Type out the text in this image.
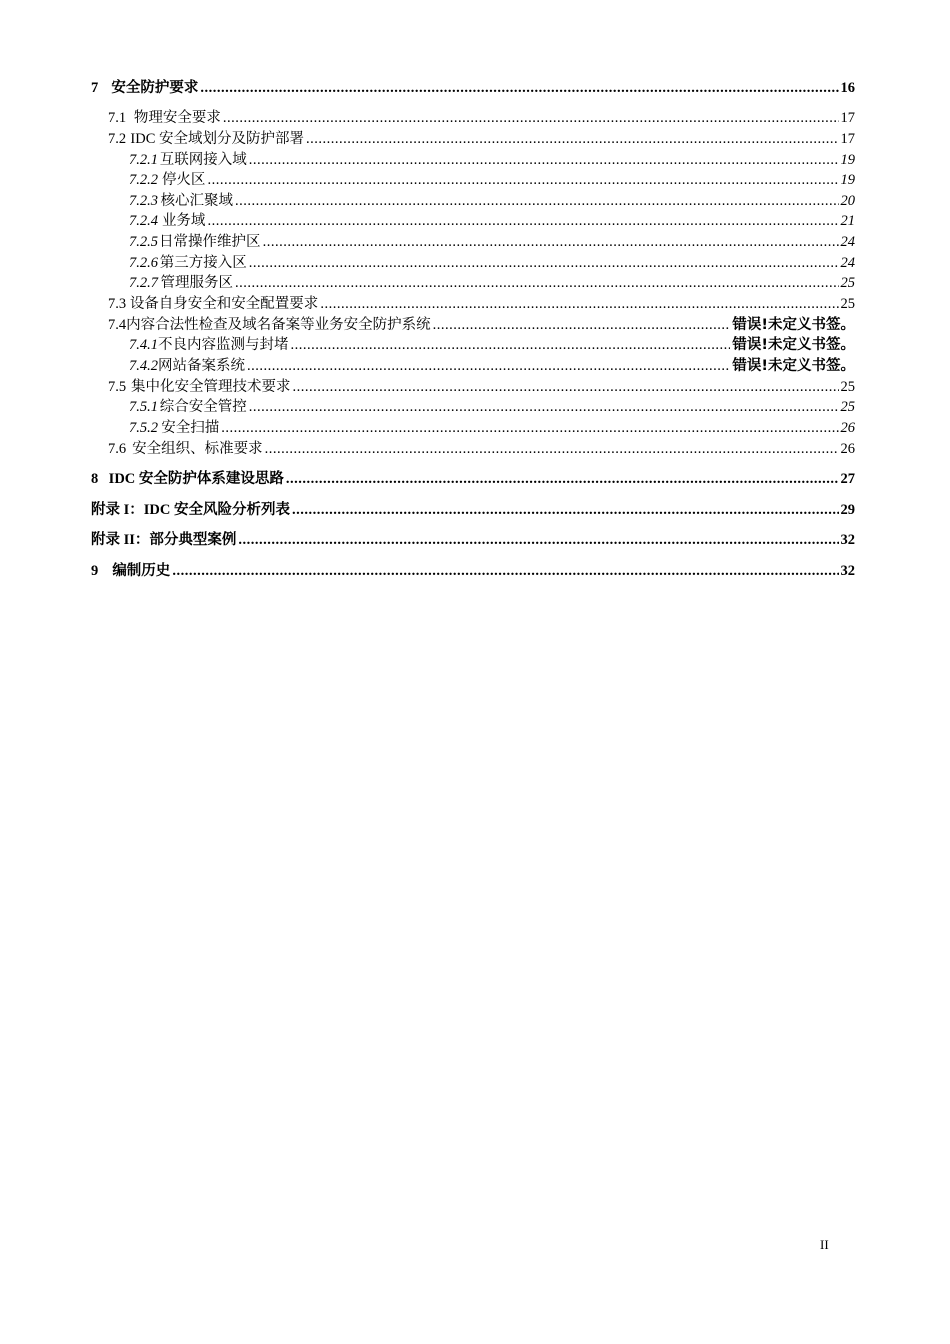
7 安全防护要求 .....	16
7.1 物理安全要求 .....	17
7.2 IDC 安全域划分及防护部署 .....	17
7.2.1 互联网接入域 .....	19
7.2.2 停火区 .....	19
7.2.3 核心汇聚域 .....	20
7.2.4 业务域 .....	21
7.2.5 日常操作维护区 .....	24
7.2.6 第三方接入区 .....	24
7.2.7 管理服务区 .....	25
7.3 设备自身安全和安全配置要求 .....	25
7.4 内容合法性检查及域名备案等业务安全防护系统 .....	错误!未定义书签。
7.4.1 不良内容监测与封堵 .....	错误!未定义书签。
7.4.2 网站备案系统 .....	错误!未定义书签。
7.5 集中化安全管理技术要求 .....	25
7.5.1 综合安全管控 .....	25
7.5.2 安全扫描 .....	26
7.6 安全组织、标准要求 .....	26
8 IDC 安全防护体系建设思路 .....	27
附录 I：IDC 安全风险分析列表 .....	29
附录 II：部分典型案例 .....	32
9 编制历史 .....	32
II
